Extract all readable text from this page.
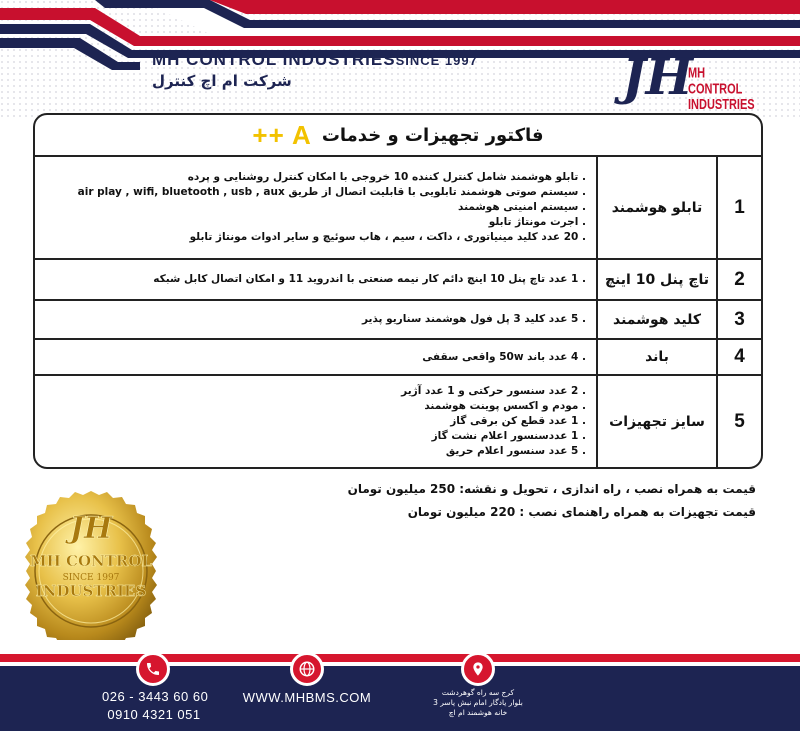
MH CONTROL INDUSTRIESSINCE 1997
شرکت ام اچ کنترل	JH
MH CONTROL
INDUSTRIES
فاکتور تجهیزات و خدمات
++ A
1	تابلو هوشمند	. تابلو هوشمند شامل کنترل کننده 10 خروجی با امکان کنترل روشنایی و پرده
. سیستم صوتی هوشمند تابلویی با قابلیت اتصال از طریق air play , wifi, bluetooth , usb , aux
. سیستم امنیتی هوشمند
. اجرت مونتاژ تابلو
. 20 عدد کلید مینیاتوری ، داکت ، سیم ، هاب سوئیچ و سایر ادوات مونتاژ تابلو

2	تاچ پنل 10 اینچ	. 1 عدد تاچ پنل 10 اینچ دائم کار نیمه صنعتی با اندروید 11 و امکان اتصال کابل شبکه

3	کلید هوشمند	. 5 عدد کلید 3 پل فول هوشمند سناریو پذیر

4	باند	. 4 عدد باند 50w واقعی سقفی

5	سایز تجهیزات	. 2 عدد سنسور حرکتی و 1 عدد آژیر
. مودم و اکسس پوینت هوشمند
. 1 عدد قطع کن برقی گاز
. 1 عددسنسور اعلام نشت گاز
. 5 عدد سنسور اعلام حریق
قیمت به همراه نصب ، راه اندازی ، تحویل و نقشه: 250 میلیون تومان
قیمت تجهیزات به همراه راهنمای نصب : 220 میلیون تومان
JH
MH CONTROL
SINCE 1997
INDUSTRIES
026 - 3443 60 60
0910 4321 051
WWW.MHBMS.COM	کرج سه راه گوهردشت
بلوار یادگار امام نبش یاسر 3
خانه هوشمند ام اچ
